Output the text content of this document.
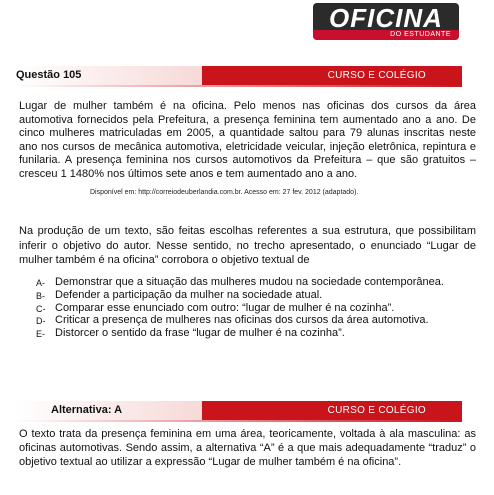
OFICINA
DO ESTUDANTE
Questão 105	CURSO E COLÉGIO
Lugar de mulher também é na oficina. Pelo menos nas oficinas dos cursos da área automotiva fornecidos pela Prefeitura, a presença feminina tem aumentado ano a ano. De cinco mulheres matriculadas em 2005, a quantidade saltou para 79 alunas inscritas neste ano nos cursos de mecânica automotiva, eletricidade veicular, injeção eletrônica, repintura e funilaria. A presença feminina nos cursos automotivos da Prefeitura – que são gratuitos – cresceu 1 1480% nos últimos sete anos e tem aumentado ano a ano.
Disponível em: http://correiodeuberlandia.com.br. Acesso em: 27 fev. 2012 (adaptado).
Na produção de um texto, são feitas escolhas referentes a sua estrutura, que possibilitam inferir o objetivo do autor. Nesse sentido, no trecho apresentado, o enunciado “Lugar de mulher também é na oficina” corrobora o objetivo textual de
A- Demonstrar que a situação das mulheres mudou na sociedade contemporânea.
B- Defender a participação da mulher na sociedade atual.
C- Comparar esse enunciado com outro: “lugar de mulher é na cozinha”.
D- Criticar a presença de mulheres nas oficinas dos cursos da área automotiva.
E- Distorcer o sentido da frase “lugar de mulher é na cozinha”.
Alternativa: A	CURSO E COLÉGIO
O texto trata da presença feminina em uma área, teoricamente, voltada à ala masculina: as oficinas automotivas. Sendo assim, a alternativa “A” é a que mais adequadamente “traduz” o objetivo textual ao utilizar a expressão “Lugar de mulher também é na oficina”.
